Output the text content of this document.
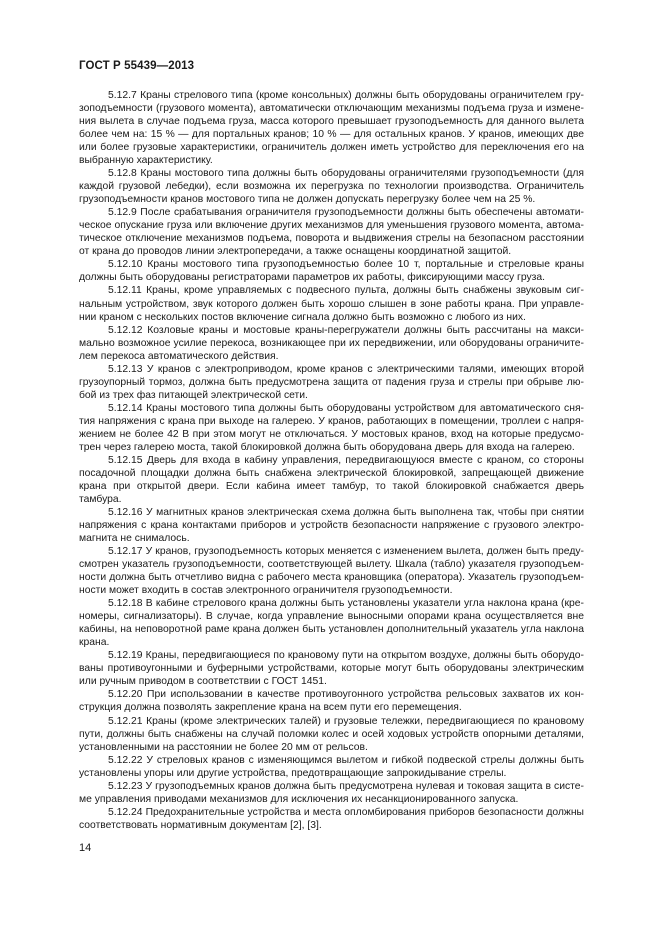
ГОСТ Р 55439—2013

5.12.7 Краны стрелового типа (кроме консольных) должны быть оборудованы ограничителем грузоподъемности (грузового момента), автоматически отключающим механизмы подъема груза и изменения вылета в случае подъема груза, масса которого превышает грузоподъемность для данного вылета более чем на: 15 % — для портальных кранов; 10 % — для остальных кранов. У кранов, имеющих две или более грузовые характеристики, ограничитель должен иметь устройство для переключения его на выбранную характеристику.

5.12.8 Краны мостового типа должны быть оборудованы ограничителями грузоподъемности (для каждой грузовой лебедки), если возможна их перегрузка по технологии производства. Ограничитель грузоподъемности кранов мостового типа не должен допускать перегрузку более чем на 25 %.

5.12.9 После срабатывания ограничителя грузоподъемности должны быть обеспечены автоматическое опускание груза или включение других механизмов для уменьшения грузового момента, автоматическое отключение механизмов подъема, поворота и выдвижения стрелы на безопасном расстоянии от крана до проводов линии электропередачи, а также оснащены координатной защитой.

5.12.10 Краны мостового типа грузоподъемностью более 10 т, портальные и стреловые краны должны быть оборудованы регистраторами параметров их работы, фиксирующими массу груза.

5.12.11 Краны, кроме управляемых с подвесного пульта, должны быть снабжены звуковым сигнальным устройством, звук которого должен быть хорошо слышен в зоне работы крана. При управлении краном с нескольких постов включение сигнала должно быть возможно с любого из них.

5.12.12 Козловые краны и мостовые краны-перегружатели должны быть рассчитаны на максимально возможное усилие перекоса, возникающее при их передвижении, или оборудованы ограничителем перекоса автоматического действия.

5.12.13 У кранов с электроприводом, кроме кранов с электрическими талями, имеющих второй грузоупорный тормоз, должна быть предусмотрена защита от падения груза и стрелы при обрыве любой из трех фаз питающей электрической сети.

5.12.14 Краны мостового типа должны быть оборудованы устройством для автоматического снятия напряжения с крана при выходе на галерею. У кранов, работающих в помещении, троллеи с напряжением не более 42 В при этом могут не отключаться. У мостовых кранов, вход на которые предусмотрен через галерею моста, такой блокировкой должна быть оборудована дверь для входа на галерею.

5.12.15 Дверь для входа в кабину управления, передвигающуюся вместе с краном, со стороны посадочной площадки должна быть снабжена электрической блокировкой, запрещающей движение крана при открытой двери. Если кабина имеет тамбур, то такой блокировкой снабжается дверь тамбура.

5.12.16 У магнитных кранов электрическая схема должна быть выполнена так, чтобы при снятии напряжения с крана контактами приборов и устройств безопасности напряжение с грузового электромагнита не снималось.

5.12.17 У кранов, грузоподъемность которых меняется с изменением вылета, должен быть предусмотрен указатель грузоподъемности, соответствующей вылету. Шкала (табло) указателя грузоподъемности должна быть отчетливо видна с рабочего места крановщика (оператора). Указатель грузоподъемности может входить в состав электронного ограничителя грузоподъемности.

5.12.18 В кабине стрелового крана должны быть установлены указатели угла наклона крана (креномеры, сигнализаторы). В случае, когда управление выносными опорами крана осуществляется вне кабины, на неповоротной раме крана должен быть установлен дополнительный указатель угла наклона крана.

5.12.19 Краны, передвигающиеся по крановому пути на открытом воздухе, должны быть оборудованы противоугонными и буферными устройствами, которые могут быть оборудованы электрическим или ручным приводом в соответствии с ГОСТ 1451.

5.12.20 При использовании в качестве противоугонного устройства рельсовых захватов их конструкция должна позволять закрепление крана на всем пути его перемещения.

5.12.21 Краны (кроме электрических талей) и грузовые тележки, передвигающиеся по крановому пути, должны быть снабжены на случай поломки колес и осей ходовых устройств опорными деталями, установленными на расстоянии не более 20 мм от рельсов.

5.12.22 У стреловых кранов с изменяющимся вылетом и гибкой подвеской стрелы должны быть установлены упоры или другие устройства, предотвращающие запрокидывание стрелы.

5.12.23 У грузоподъемных кранов должна быть предусмотрена нулевая и токовая защита в системе управления приводами механизмов для исключения их несанкционированного запуска.

5.12.24 Предохранительные устройства и места опломбирования приборов безопасности должны соответствовать нормативным документам [2], [3].

14
